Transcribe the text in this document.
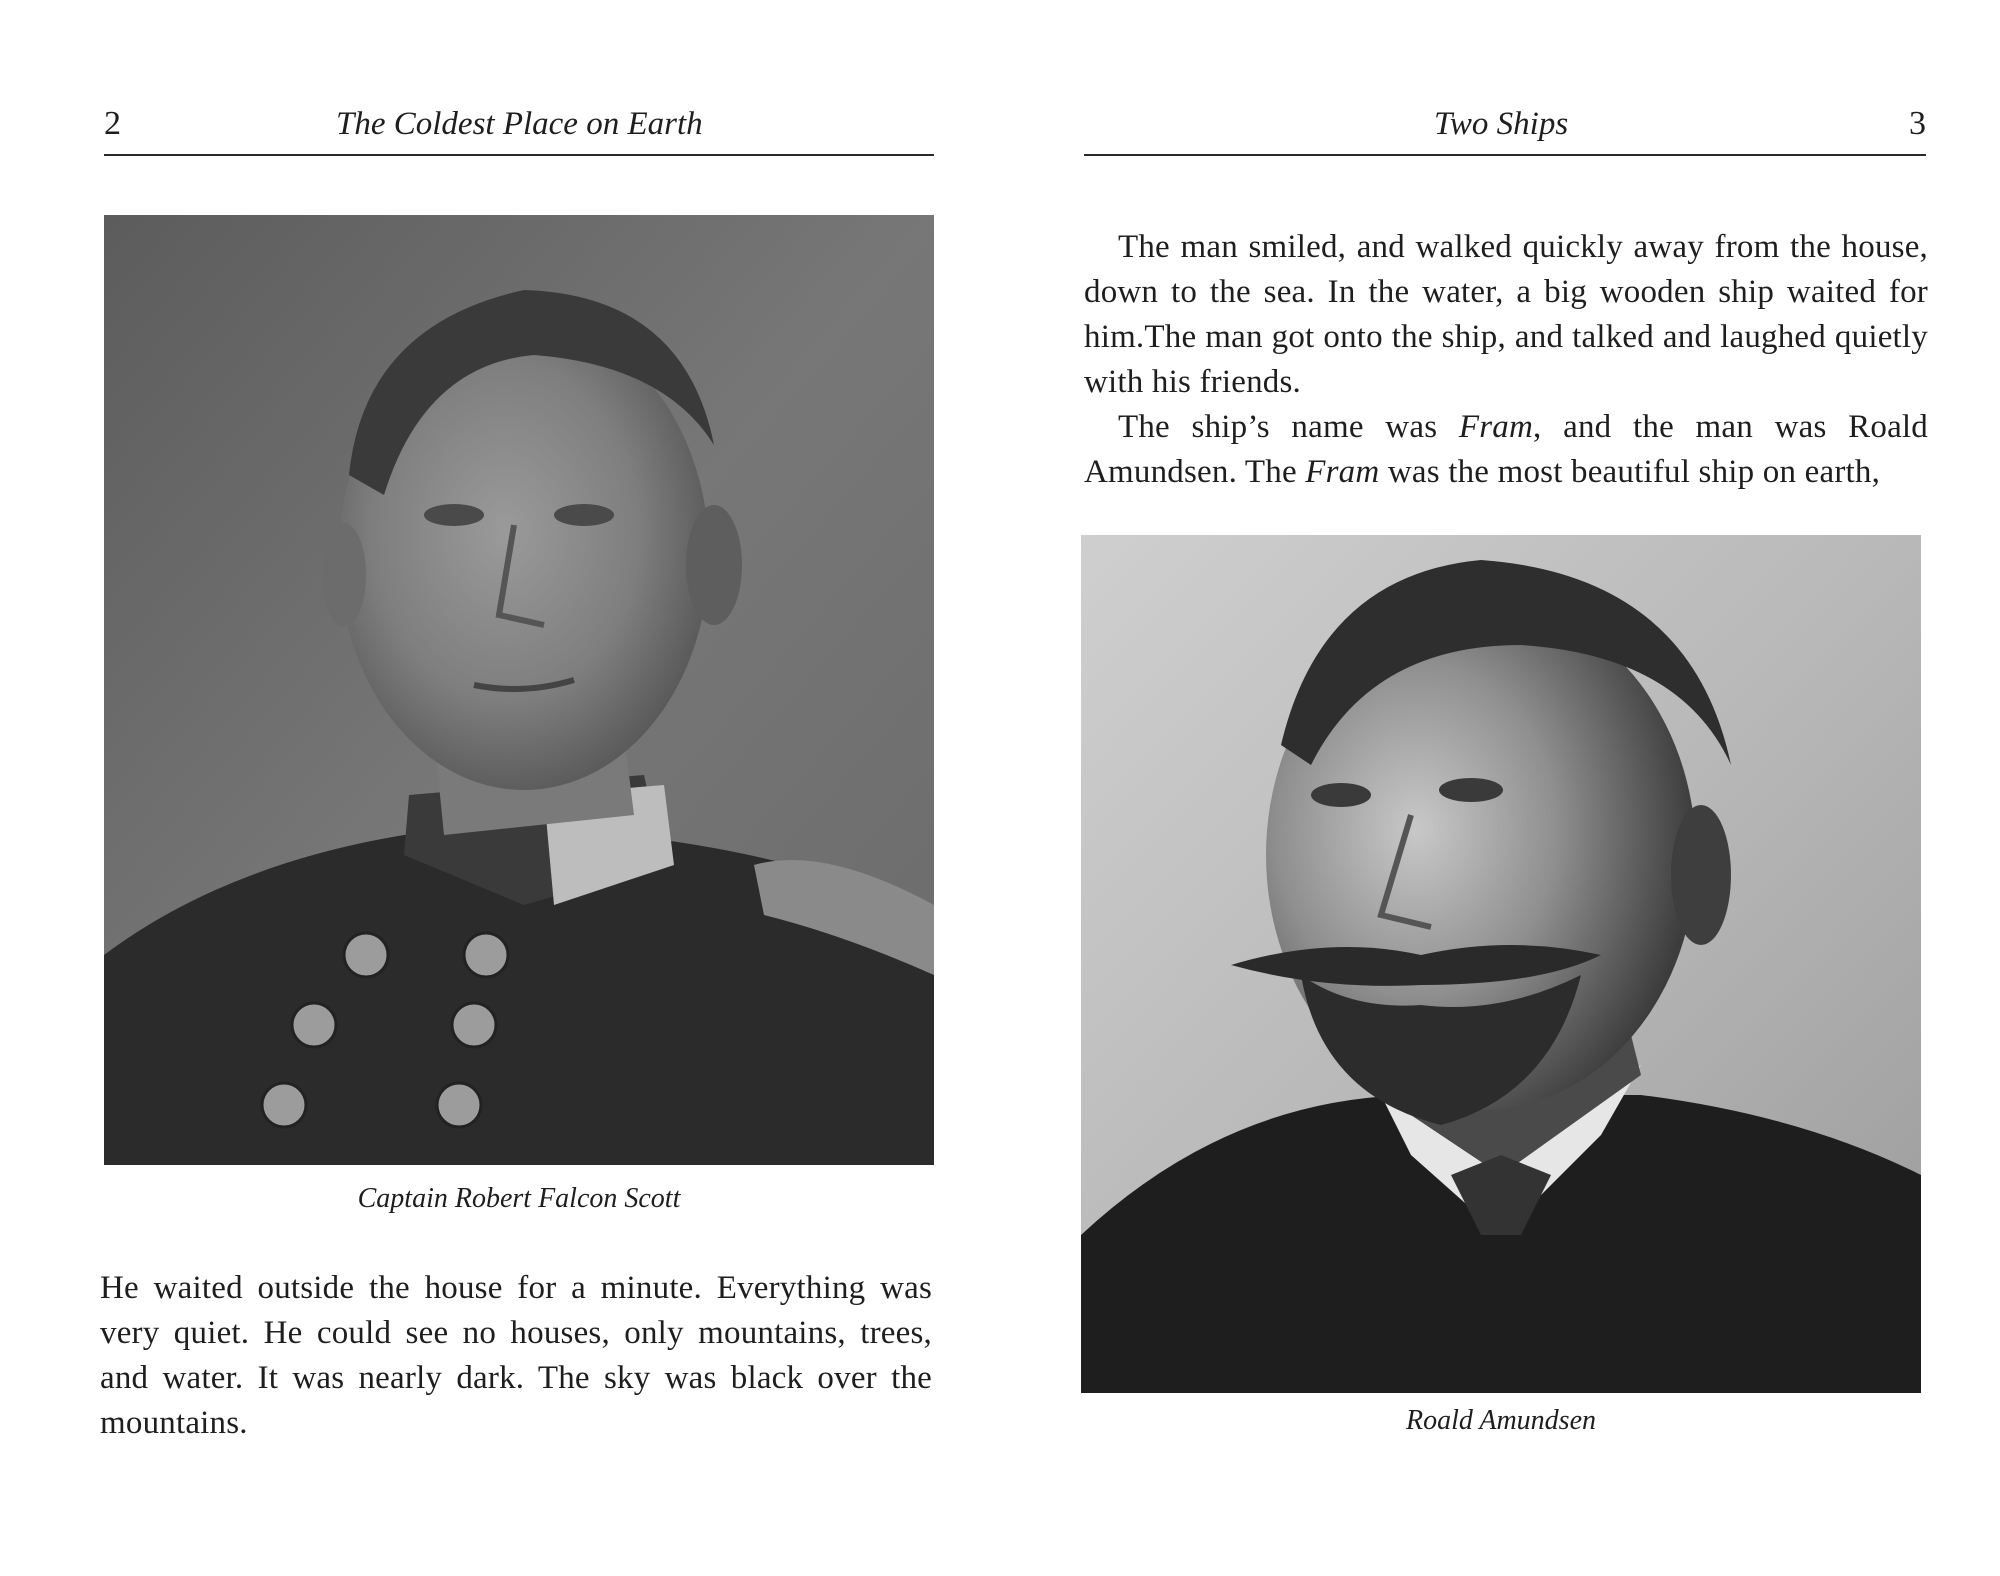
2	The Coldest Place on Earth
Captain Robert Falcon Scott

He waited outside the house for a minute. Everything was very quiet. He could see no houses, only mountains, trees, and water. It was nearly dark. The sky was black over the mountains.

Two Ships	3

The man smiled, and walked quickly away from the house, down to the sea. In the water, a big wooden ship waited for him.The man got onto the ship, and talked and laughed quietly with his friends.

The ship’s name was Fram, and the man was Roald Amundsen. The Fram was the most beautiful ship on earth,

Roald Amundsen
